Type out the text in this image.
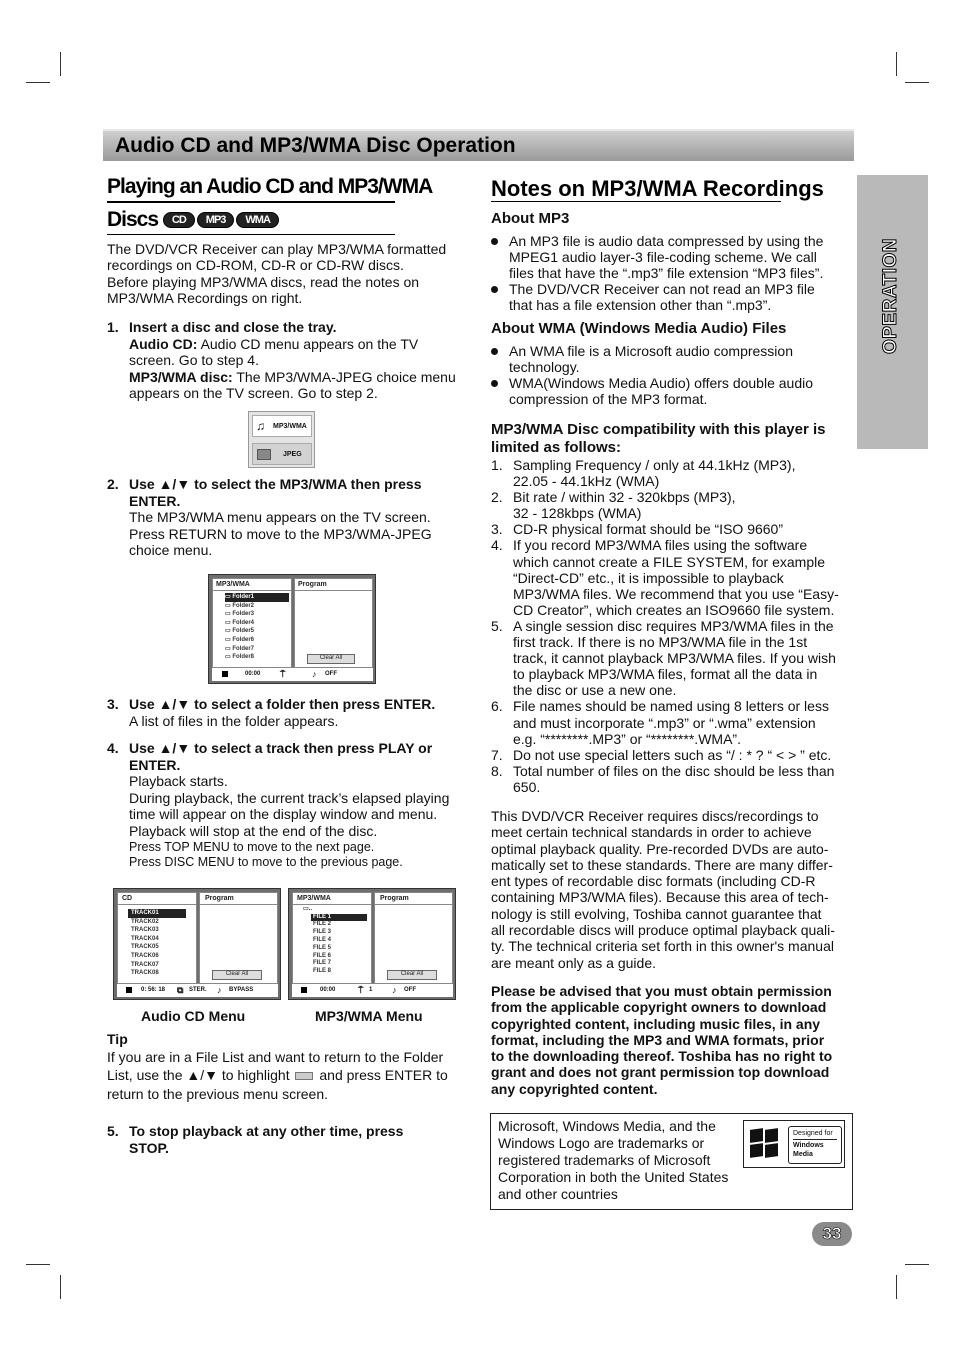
Audio CD and MP3/WMA Disc Operation
OPERATION
Playing an Audio CD and MP3/WMA
Discs CD MP3 WMA
The DVD/VCR Receiver can play MP3/WMA formatted
recordings on CD-ROM, CD-R or CD-RW discs.
Before playing MP3/WMA discs, read the notes on
MP3/WMA Recordings on right.
1. Insert a disc and close the tray.
Audio CD: Audio CD menu appears on the TV
screen. Go to step 4.
MP3/WMA disc: The MP3/WMA-JPEG choice menu
appears on the TV screen. Go to step 2.
♫ MP3/WMA
JPEG
2. Use ▲/▼ to select the MP3/WMA then press
ENTER.
The MP3/WMA menu appears on the TV screen.
Press RETURN to move to the MP3/WMA-JPEG
choice menu.
MP3/WMA
▭ Folder1
▭ Folder2
▭ Folder3
▭ Folder4
▭ Folder5
▭ Folder6
▭ Folder7
▭ Folder8
Program
Clear All
00:00 ⍑	♪ OFF
3. Use ▲/▼ to select a folder then press ENTER.
A list of files in the folder appears.
4. Use ▲/▼ to select a track then press PLAY or
ENTER.
Playback starts.
During playback, the current track’s elapsed playing
time will appear on the display window and menu.
Playback will stop at the end of the disc.
Press TOP MENU to move to the next page.
Press DISC MENU to move to the previous page.
CD
TRACK01
TRACK02
TRACK03
TRACK04
TRACK05
TRACK06
TRACK07
TRACK08
Program
Clear All
0: 56: 18 ⧉ STER. ♪ BYPASS
MP3/WMA
▭..
FILE 1
FILE 2
FILE 3
FILE 4
FILE 5
FILE 6
FILE 7
FILE 8
Program
Clear All
00:00	⍑ 1 ♪ OFF
Audio CD Menu	MP3/WMA Menu
Tip
If you are in a File List and want to return to the Folder
List, use the ▲/▼ to highlight and press ENTER to
return to the previous menu screen.
5. To stop playback at any other time, press
STOP.
Notes on MP3/WMA Recordings
About MP3
An MP3 file is audio data compressed by using the
MPEG1 audio layer-3 file-coding scheme. We call
files that have the “.mp3” file extension “MP3 files”.
The DVD/VCR Receiver can not read an MP3 file
that has a file extension other than “.mp3”.
About WMA (Windows Media Audio) Files
An WMA file is a Microsoft audio compression
technology.
WMA(Windows Media Audio) offers double audio
compression of the MP3 format.
MP3/WMA Disc compatibility with this player is
limited as follows:
1. Sampling Frequency / only at 44.1kHz (MP3),
22.05 - 44.1kHz (WMA)
2. Bit rate / within 32 - 320kbps (MP3),
32 - 128kbps (WMA)
3. CD-R physical format should be “ISO 9660”
4. If you record MP3/WMA files using the software
which cannot create a FILE SYSTEM, for example
“Direct-CD” etc., it is impossible to playback
MP3/WMA files. We recommend that you use “Easy-
CD Creator”, which creates an ISO9660 file system.
5. A single session disc requires MP3/WMA files in the
first track. If there is no MP3/WMA file in the 1st
track, it cannot playback MP3/WMA files. If you wish
to playback MP3/WMA files, format all the data in
the disc or use a new one.
6. File names should be named using 8 letters or less
and must incorporate “.mp3” or “.wma” extension
e.g. “********.MP3” or “********.WMA”.
7. Do not use special letters such as “/ : * ? “ < > ” etc.
8. Total number of files on the disc should be less than
650.
This DVD/VCR Receiver requires discs/recordings to
meet certain technical standards in order to achieve
optimal playback quality. Pre-recorded DVDs are auto-
matically set to these standards. There are many differ-
ent types of recordable disc formats (including CD-R
containing MP3/WMA files). Because this area of tech-
nology is still evolving, Toshiba cannot guarantee that
all recordable discs will produce optimal playback quali-
ty. The technical criteria set forth in this owner's manual
are meant only as a guide.
Please be advised that you must obtain permission
from the applicable copyright owners to download
copyrighted content, including music files, in any
format, including the MP3 and WMA formats, prior
to the downloading thereof. Toshiba has no right to
grant and does not grant permission top download
any copyrighted content.
Microsoft, Windows Media, and the
Windows Logo are trademarks or
registered trademarks of Microsoft
Corporation in both the United States
and other countries
Designed for
Windows
Media
33
